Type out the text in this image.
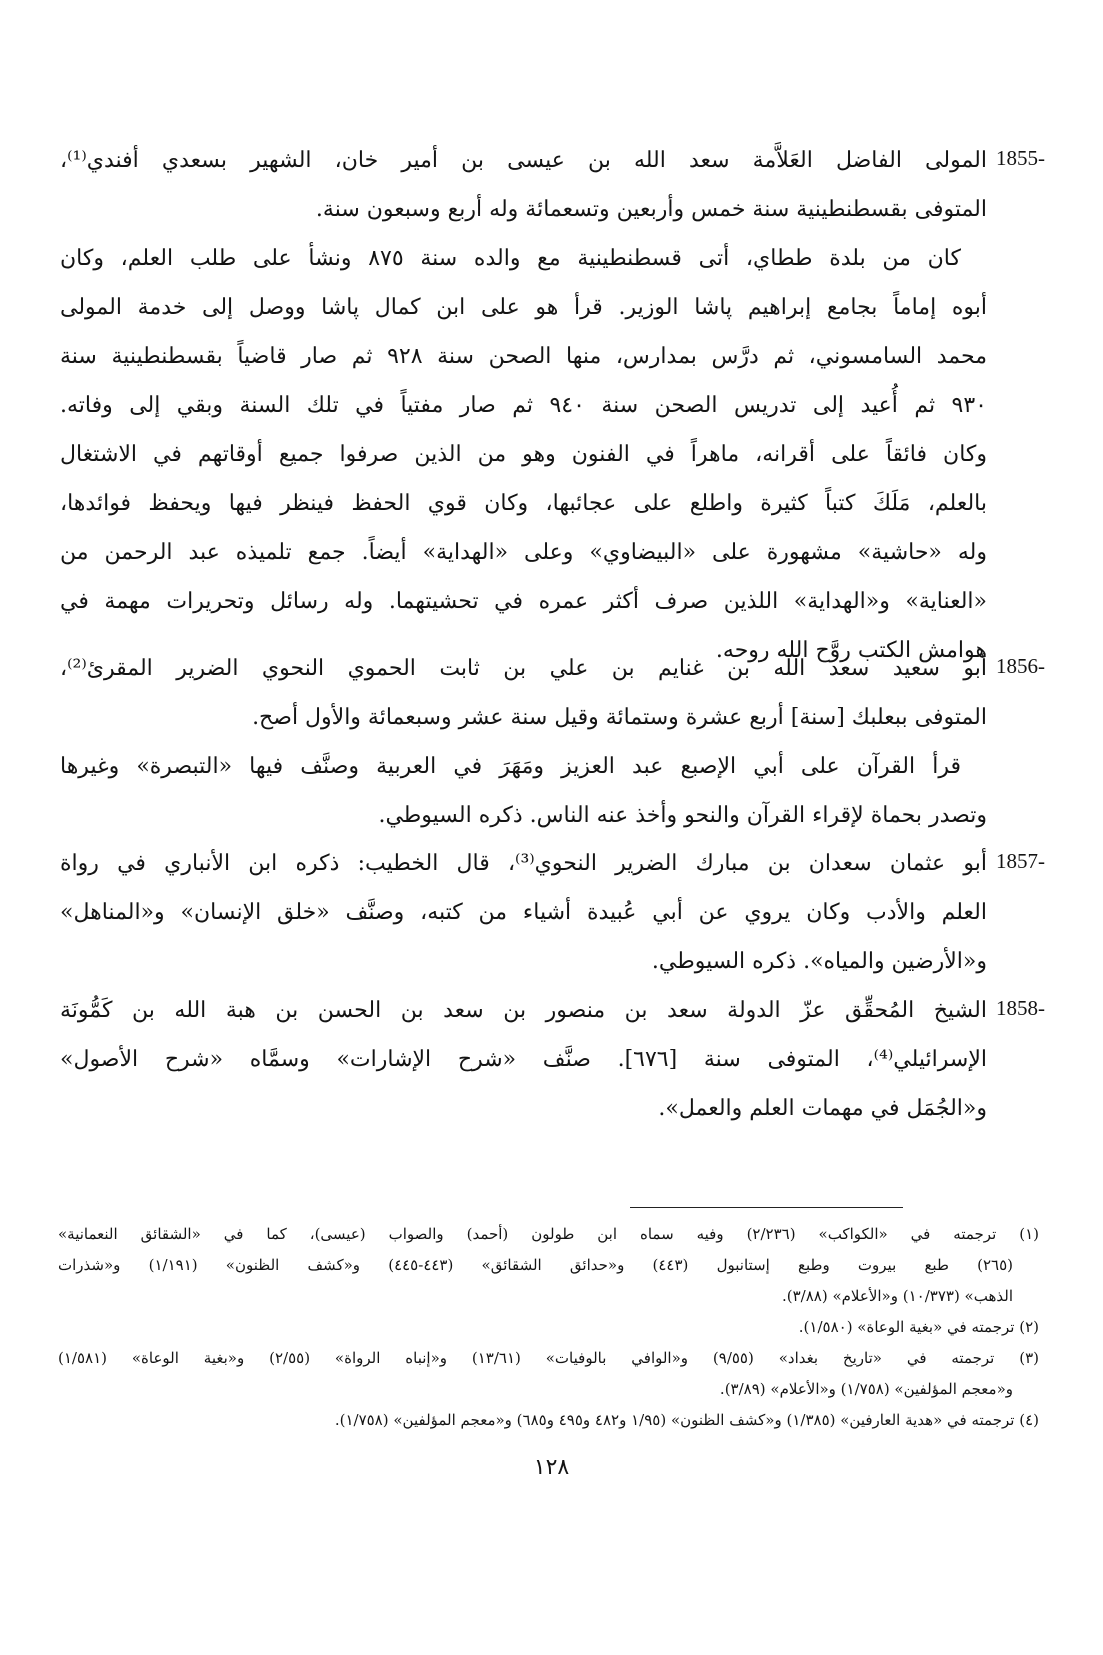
1855-
المولى الفاضل العَلاَّمة سعد الله بن عيسى بن أمير خان، الشهير بسعدي أفندي⁽¹⁾،
المتوفى بقسطنطينية سنة خمس وأربعين وتسعمائة وله أربع وسبعون سنة.
كان من بلدة ططاي، أتى قسطنطينية مع والده سنة ٨٧٥ ونشأ على طلب العلم، وكان
أبوه إماماً بجامع إبراهيم پاشا الوزير. قرأ هو على ابن كمال پاشا ووصل إلى خدمة المولى
محمد السامسوني، ثم درَّس بمدارس، منها الصحن سنة ٩٢٨ ثم صار قاضياً بقسطنطينية سنة
٩٣٠ ثم أُعيد إلى تدريس الصحن سنة ٩٤٠ ثم صار مفتياً في تلك السنة وبقي إلى وفاته.
وكان فائقاً على أقرانه، ماهراً في الفنون وهو من الذين صرفوا جميع أوقاتهم في الاشتغال
بالعلم، مَلَكَ كتباً كثيرة واطلع على عجائبها، وكان قوي الحفظ فينظر فيها ويحفظ فوائدها،
وله «حاشية» مشهورة على «البيضاوي» وعلى «الهداية» أيضاً. جمع تلميذه عبد الرحمن من
«العناية» و«الهداية» اللذين صرف أكثر عمره في تحشيتهما. وله رسائل وتحريرات مهمة في
هوامش الكتب روَّح الله روحه.
1856-
أبو سعيد سعد الله بن غنايم بن علي بن ثابت الحموي النحوي الضرير المقرئ⁽²⁾،
المتوفى ببعلبك [سنة] أربع عشرة وستمائة وقيل سنة عشر وسبعمائة والأول أصح.
قرأ القرآن على أبي الإصبع عبد العزيز ومَهَرَ في العربية وصنَّف فيها «التبصرة» وغيرها
وتصدر بحماة لإقراء القرآن والنحو وأخذ عنه الناس. ذكره السيوطي.
1857-
أبو عثمان سعدان بن مبارك الضرير النحوي⁽³⁾، قال الخطيب: ذكره ابن الأنباري في رواة
العلم والأدب وكان يروي عن أبي عُبيدة أشياء من كتبه، وصنَّف «خلق الإنسان» و«المناهل»
و«الأرضين والمياه». ذكره السيوطي.
1858-
الشيخ المُحقِّق عزّ الدولة سعد بن منصور بن سعد بن الحسن بن هبة الله بن كَمُّونَة
الإسرائيلي⁽⁴⁾، المتوفى سنة [٦٧٦]. صنَّف «شرح الإشارات» وسمَّاه «شرح الأصول»
و«الجُمَل في مهمات العلم والعمل».
(١) ترجمته في «الكواكب» (٢/٢٣٦) وفيه سماه ابن طولون (أحمد) والصواب (عيسى)، كما في «الشقائق النعمانية»
(٢٦٥) طبع بيروت وطبع إستانبول (٤٤٣) و«حدائق الشقائق» (٤٤٣-٤٤٥) و«كشف الظنون» (١/١٩١) و«شذرات
الذهب» (١٠/٣٧٣) و«الأعلام» (٣/٨٨).
(٢) ترجمته في «بغية الوعاة» (١/٥٨٠).
(٣) ترجمته في «تاريخ بغداد» (٩/٥٥) و«الوافي بالوفيات» (١٣/٦١) و«إنباه الرواة» (٢/٥٥) و«بغية الوعاة» (١/٥٨١)
و«معجم المؤلفين» (١/٧٥٨) و«الأعلام» (٣/٨٩).
(٤) ترجمته في «هدية العارفين» (١/٣٨٥) و«كشف الظنون» (١/٩٥ و٤٨٢ و٤٩٥ و٦٨٥) و«معجم المؤلفين» (١/٧٥٨).
١٢٨
